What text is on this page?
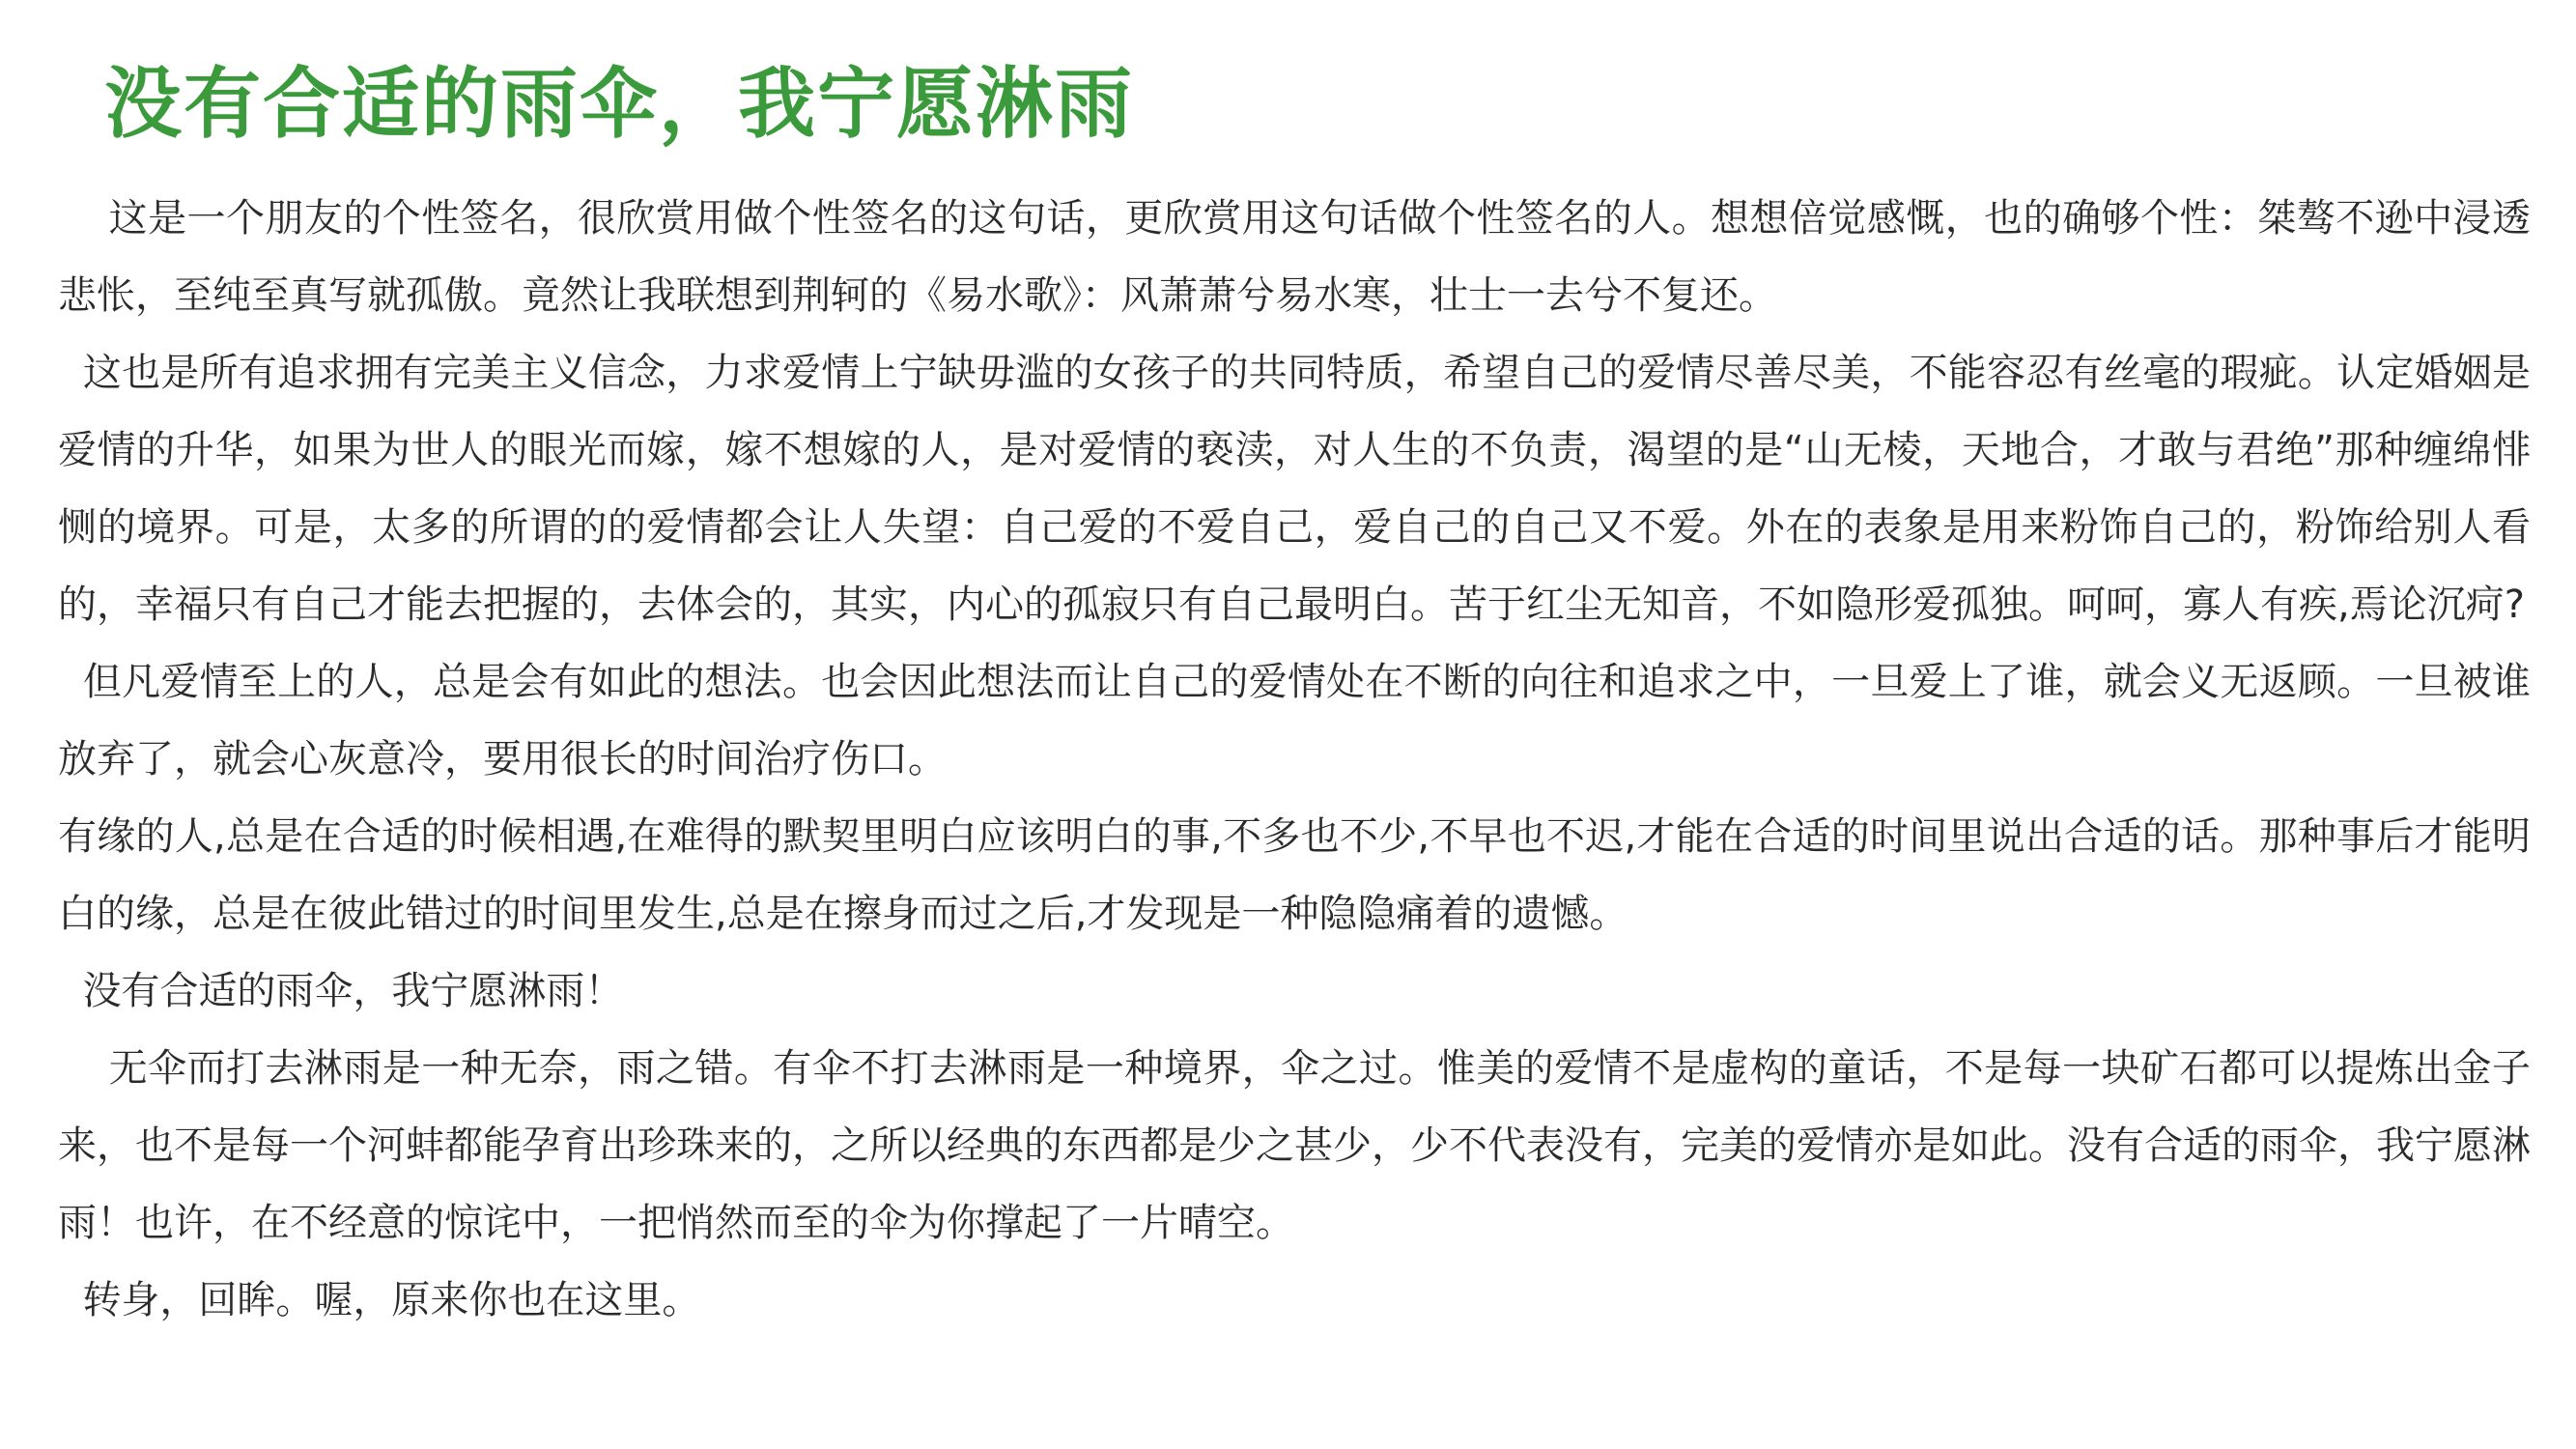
没有合适的雨伞，我宁愿淋雨

这是一个朋友的个性签名，很欣赏用做个性签名的这句话，更欣赏用这句话做个性签名的人。想想倍觉感慨，也的确够个性：桀骜不逊中浸透悲怅，至纯至真写就孤傲。竟然让我联想到荆轲的《易水歌》：风萧萧兮易水寒，壮士一去兮不复还。

这也是所有追求拥有完美主义信念，力求爱情上宁缺毋滥的女孩子的共同特质，希望自己的爱情尽善尽美，不能容忍有丝毫的瑕疵。认定婚姻是爱情的升华，如果为世人的眼光而嫁，嫁不想嫁的人，是对爱情的亵渎，对人生的不负责，渴望的是“山无棱，天地合，才敢与君绝”那种缠绵悱恻的境界。可是，太多的所谓的的爱情都会让人失望：自己爱的不爱自己，爱自己的自己又不爱。外在的表象是用来粉饰自己的，粉饰给别人看的，幸福只有自己才能去把握的，去体会的，其实，内心的孤寂只有自己最明白。苦于红尘无知音，不如隐形爱孤独。呵呵，寡人有疾,焉论沉疴?

但凡爱情至上的人，总是会有如此的想法。也会因此想法而让自己的爱情处在不断的向往和追求之中，一旦爱上了谁，就会义无返顾。一旦被谁放弃了，就会心灰意冷，要用很长的时间治疗伤口。

有缘的人,总是在合适的时候相遇,在难得的默契里明白应该明白的事,不多也不少,不早也不迟,才能在合适的时间里说出合适的话。那种事后才能明白的缘，总是在彼此错过的时间里发生,总是在擦身而过之后,才发现是一种隐隐痛着的遗憾。

没有合适的雨伞，我宁愿淋雨！

无伞而打去淋雨是一种无奈，雨之错。有伞不打去淋雨是一种境界，伞之过。惟美的爱情不是虚构的童话，不是每一块矿石都可以提炼出金子来，也不是每一个河蚌都能孕育出珍珠来的，之所以经典的东西都是少之甚少，少不代表没有，完美的爱情亦是如此。没有合适的雨伞，我宁愿淋雨！也许，在不经意的惊诧中，一把悄然而至的伞为你撑起了一片晴空。

转身，回眸。喔，原来你也在这里。
